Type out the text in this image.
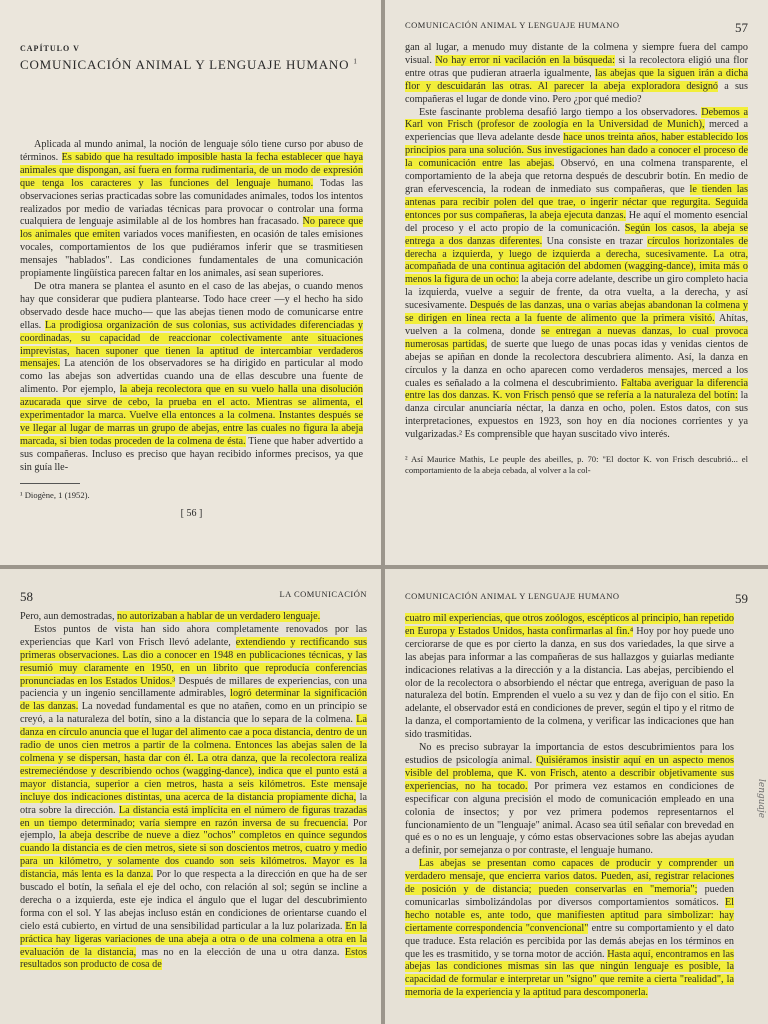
CAPÍTULO V
COMUNICACIÓN ANIMAL Y LENGUAJE HUMANO $^1$

Aplicada al mundo animal, la noción de lenguaje sólo tiene curso por abuso de términos. Es sabido que ha resultado imposible hasta la fecha establecer que haya animales que dispongan, así fuera en forma rudimentaria, de un modo de expresión que tenga los caracteres y las funciones del lenguaje humano. Todas las observaciones serias practicadas sobre las comunidades animales, todos los intentos realizados por medio de variadas técnicas para provocar o controlar una forma cualquiera de lenguaje asimilable al de los hombres han fracasado. No parece que los animales que emiten variados voces manifiesten, en ocasión de tales emisiones vocales, comportamientos de los que pudiéramos inferir que se trasmitiesen mensajes "hablados". Las condiciones fundamentales de una comunicación propiamente lingüística parecen faltar en los animales, así sean superiores.

De otra manera se plantea el asunto en el caso de las abejas, o cuando menos hay que considerar que pudiera plantearse. Todo hace creer —y el hecho ha sido observado desde hace mucho— que las abejas tienen modo de comunicarse entre ellas. La prodigiosa organización de sus colonias, sus actividades diferenciadas y coordinadas, su capacidad de reaccionar colectivamente ante situaciones imprevistas, hacen suponer que tienen la aptitud de intercambiar verdaderos mensajes. La atención de los observadores se ha dirigido en particular al modo como las abejas son advertidas cuando una de ellas descubre una fuente de alimento. Por ejemplo, la abeja recolectora que en su vuelo halla una disolución azucarada que sirve de cebo, la prueba en el acto. Mientras se alimenta, el experimentador la marca. Vuelve ella entonces a la colmena. Instantes después se ve llegar al lugar de marras un grupo de abejas, entre las cuales no figura la abeja marcada, si bien todas proceden de la colmena de ésta. Tiene que haber advertido a sus compañeras. Incluso es preciso que hayan recibido informes precisos, ya que sin guía lle-

¹ Diogène, 1 (1952).
[ 56 ]
COMUNICACIÓN ANIMAL Y LENGUAJE HUMANO	57

gan al lugar, a menudo muy distante de la colmena y siempre fuera del campo visual. No hay error ni vacilación en la búsqueda: si la recolectora eligió una flor entre otras que pudieran atraerla igualmente, las abejas que la siguen irán a dicha flor y descuidarán las otras. Al parecer la abeja exploradora designó a sus compañeras el lugar de donde vino. Pero ¿por qué medio?

Este fascinante problema desafió largo tiempo a los observadores. Debemos a Karl von Frisch (profesor de zoología en la Universidad de Munich), merced a experiencias que lleva adelante desde hace unos treinta años, haber establecido los principios para una solución. Sus investigaciones han dado a conocer el proceso de la comunicación entre las abejas. Observó, en una colmena transparente, el comportamiento de la abeja que retorna después de descubrir botín. En medio de gran efervescencia, la rodean de inmediato sus compañeras, que le tienden las antenas para recibir polen del que trae, o ingerir néctar que regurgita. Seguida entonces por sus compañeras, la abeja ejecuta danzas. He aquí el momento esencial del proceso y el acto propio de la comunicación. Según los casos, la abeja se entrega a dos danzas diferentes. Una consiste en trazar círculos horizontales de derecha a izquierda, y luego de izquierda a derecha, sucesivamente. La otra, acompañada de una continua agitación del abdomen (wagging-dance), imita más o menos la figura de un ocho: la abeja corre adelante, describe un giro completo hacia la izquierda, vuelve a seguir de frente, da otra vuelta, a la derecha, y así sucesivamente. Después de las danzas, una o varias abejas abandonan la colmena y se dirigen en línea recta a la fuente de alimento que la primera visitó. Ahítas, vuelven a la colmena, donde se entregan a nuevas danzas, lo cual provoca numerosas partidas, de suerte que luego de unas pocas idas y venidas cientos de abejas se apiñan en donde la recolectora descubriera alimento. Así, la danza en círculos y la danza en ocho aparecen como verdaderos mensajes, merced a los cuales es señalado a la colmena el descubrimiento. Faltaba averiguar la diferencia entre las dos danzas. K. von Frisch pensó que se refería a la naturaleza del botín: la danza circular anunciaría néctar, la danza en ocho, polen. Estos datos, con sus interpretaciones, expuestos en 1923, son hoy en día nociones corrientes y ya vulgarizadas.² Es comprensible que hayan suscitado vivo interés.

² Así Maurice Mathis, Le peuple des abeilles, p. 70: "El doctor K. von Frisch descubrió... el comportamiento de la abeja cebada, al volver a la col-
58	LA COMUNICACIÓN

Pero, aun demostradas, no autorizaban a hablar de un verdadero lenguaje.

Estos puntos de vista han sido ahora completamente renovados por las experiencias que Karl von Frisch llevó adelante, extendiendo y rectificando sus primeras observaciones. Las dio a conocer en 1948 en publicaciones técnicas, y las resumió muy claramente en 1950, en un librito que reproducía conferencias pronunciadas en los Estados Unidos.³ Después de millares de experiencias, con una paciencia y un ingenio sencillamente admirables, logró determinar la significación de las danzas. La novedad fundamental es que no atañen, como en un principio se creyó, a la naturaleza del botín, sino a la distancia que lo separa de la colmena. La danza en círculo anuncia que el lugar del alimento cae a poca distancia, dentro de un radio de unos cien metros a partir de la colmena. Entonces las abejas salen de la colmena y se dispersan, hasta dar con él. La otra danza, que la recolectora realiza estremeciéndose y describiendo ochos (wagging-dance), indica que el punto está a mayor distancia, superior a cien metros, hasta a seis kilómetros. Este mensaje incluye dos indicaciones distintas, una acerca de la distancia propiamente dicha, la otra sobre la dirección. La distancia está implícita en el número de figuras trazadas en un tiempo determinado; varía siempre en razón inversa de su frecuencia. Por ejemplo, la abeja describe de nueve a diez "ochos" completos en quince segundos cuando la distancia es de cien metros, siete si son doscientos metros, cuatro y medio para un kilómetro, y solamente dos cuando son seis kilómetros. Mayor es la distancia, más lenta es la danza. Por lo que respecta a la dirección en que ha de ser buscado el botín, la señala el eje del ocho, con relación al sol; según se incline a derecha o a izquierda, este eje indica el ángulo que el lugar del descubrimiento forma con el sol. Y las abejas incluso están en condiciones de orientarse cuando el cielo está cubierto, en virtud de una sensibilidad particular a la luz polarizada. En la práctica hay ligeras variaciones de una abeja a otra o de una colmena a otra en la evaluación de la distancia, mas no en la elección de una u otra danza. Estos resultados son producto de cosa de

COMUNICACIÓN ANIMAL Y LENGUAJE HUMANO	59

cuatro mil experiencias, que otros zoólogos, escépticos al principio, han repetido en Europa y Estados Unidos, hasta confirmarlas al fin.⁴ Hoy por hoy puede uno cerciorarse de que es por cierto la danza, en sus dos variedades, la que sirve a las abejas para informar a las compañeras de sus hallazgos y guiarlas mediante indicaciones relativas a la dirección y a la distancia. Las abejas, percibiendo el olor de la recolectora o absorbiendo el néctar que entrega, averiguan de paso la naturaleza del botín. Emprenden el vuelo a su vez y dan de fijo con el sitio. En adelante, el observador está en condiciones de prever, según el tipo y el ritmo de la danza, el comportamiento de la colmena, y verificar las indicaciones que han sido trasmitidas.

No es preciso subrayar la importancia de estos descubrimientos para los estudios de psicología animal. Quisiéramos insistir aquí en un aspecto menos visible del problema, que K. von Frisch, atento a describir objetivamente sus experiencias, no ha tocado. Por primera vez estamos en condiciones de especificar con alguna precisión el modo de comunicación empleado en una colonia de insectos; y por vez primera podemos representarnos el funcionamiento de un "lenguaje" animal. Acaso sea útil señalar con brevedad en qué es o no es un lenguaje, y cómo estas observaciones sobre las abejas ayudan a definir, por semejanza o por contraste, el lenguaje humano.

Las abejas se presentan como capaces de producir y comprender un verdadero mensaje, que encierra varios datos. Pueden, así, registrar relaciones de posición y de distancia; pueden conservarlas en "memoria"; pueden comunicarlas simbolizándolas por diversos comportamientos somáticos. El hecho notable es, ante todo, que manifiesten aptitud para simbolizar: hay ciertamente correspondencia "convencional" entre su comportamiento y el dato que traduce. Esta relación es percibida por las demás abejas en los términos en que les es trasmitido, y se torna motor de acción. Hasta aquí, encontramos en las abejas las condiciones mismas sin las que ningún lenguaje es posible, la capacidad de formular e interpretar un "signo" que remite a cierta "realidad", la memoria de la experiencia y la aptitud para descomponerla.

lenguaje
